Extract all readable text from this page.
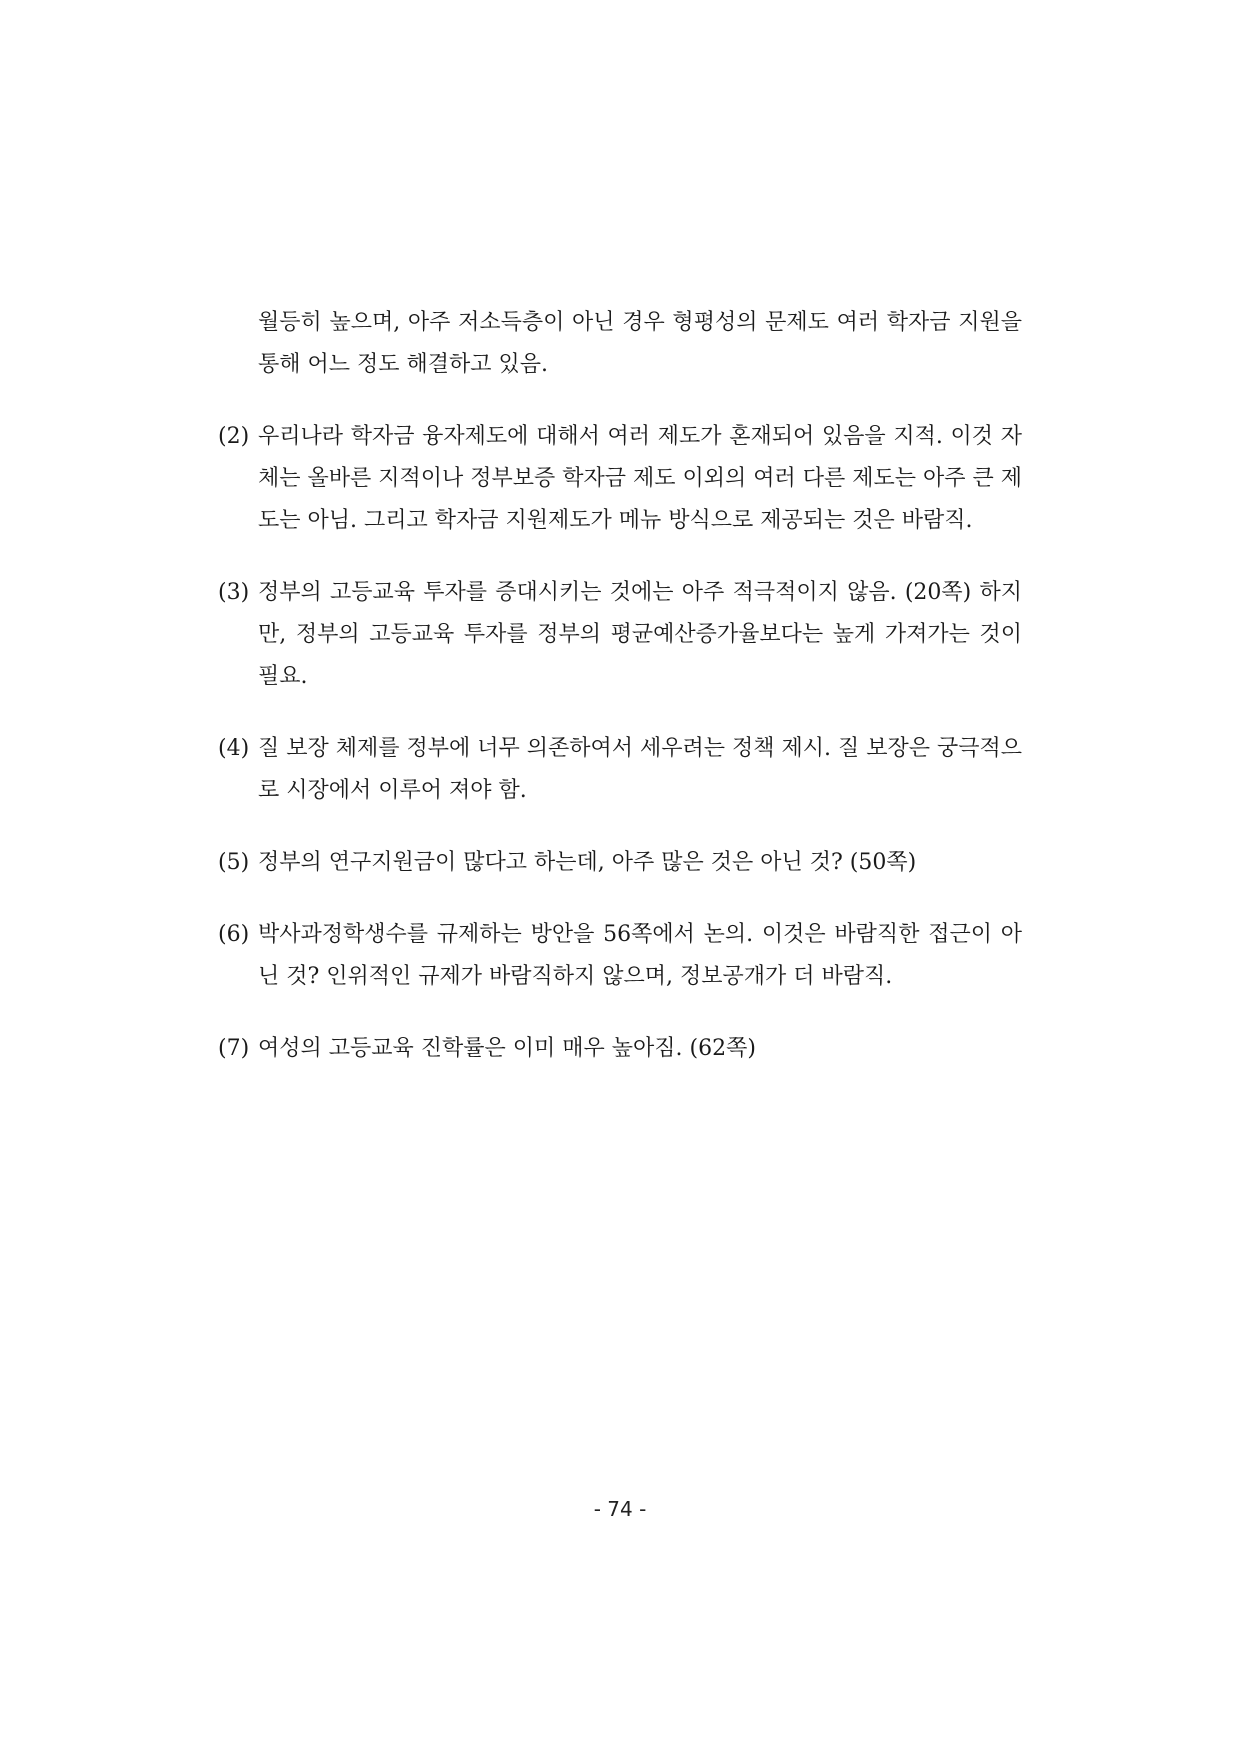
월등히 높으며, 아주 저소득층이 아닌 경우 형평성의 문제도 여러 학자금 지원을 통해 어느 정도 해결하고 있음.

(2) 우리나라 학자금 융자제도에 대해서 여러 제도가 혼재되어 있음을 지적. 이것 자체는 올바른 지적이나 정부보증 학자금 제도 이외의 여러 다른 제도는 아주 큰 제도는 아님. 그리고 학자금 지원제도가 메뉴 방식으로 제공되는 것은 바람직.
(3) 정부의 고등교육 투자를 증대시키는 것에는 아주 적극적이지 않음. (20쪽) 하지만, 정부의 고등교육 투자를 정부의 평균예산증가율보다는 높게 가져가는 것이 필요.
(4) 질 보장 체제를 정부에 너무 의존하여서 세우려는 정책 제시. 질 보장은 궁극적으로 시장에서 이루어 져야 함.
(5) 정부의 연구지원금이 많다고 하는데, 아주 많은 것은 아닌 것? (50쪽)
(6) 박사과정학생수를 규제하는 방안을 56쪽에서 논의. 이것은 바람직한 접근이 아닌 것? 인위적인 규제가 바람직하지 않으며, 정보공개가 더 바람직.
(7) 여성의 고등교육 진학률은 이미 매우 높아짐. (62쪽)
- 74 -
